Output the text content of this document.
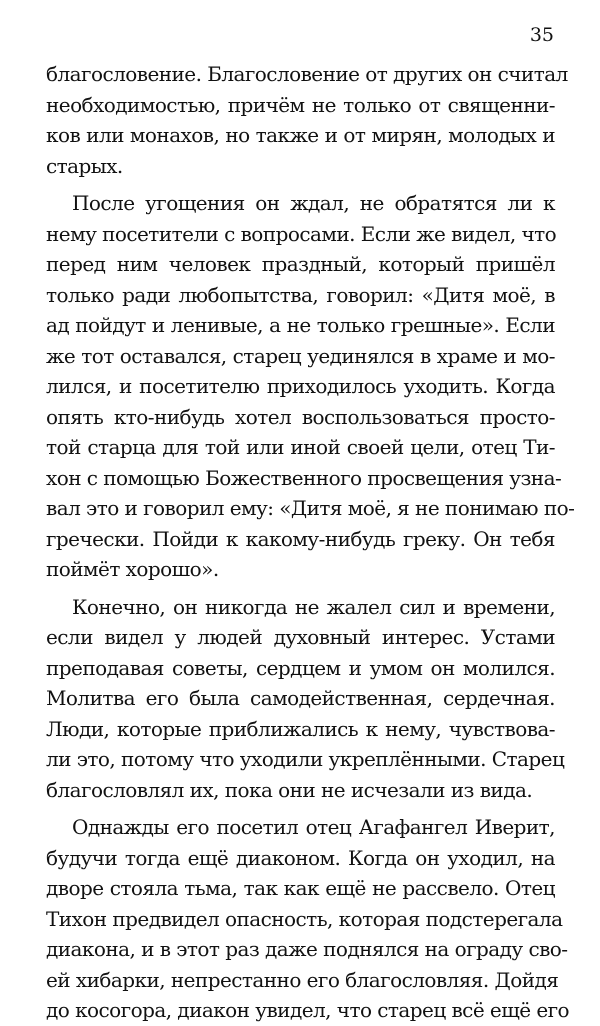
35

благословение. Благословение от других он считал
необходимостью, причём не только от священни-
ков или монахов, но также и от мирян, молодых и
старых.

После угощения он ждал, не обратятся ли к
нему посетители с вопросами. Если же видел, что
перед ним человек праздный, который пришёл
только ради любопытства, говорил: «Дитя моё, в
ад пойдут и ленивые, а не только грешные». Если
же тот оставался, старец уединялся в храме и мо-
лился, и посетителю приходилось уходить. Когда
опять кто-нибудь хотел воспользоваться просто-
той старца для той или иной своей цели, отец Ти-
хон с помощью Божественного просвещения узна-
вал это и говорил ему: «Дитя моё, я не понимаю по-
гречески. Пойди к какому-нибудь греку. Он тебя
поймёт хорошо».

Конечно, он никогда не жалел сил и времени,
если видел у людей духовный интерес. Устами
преподавая советы, сердцем и умом он молился.
Молитва его была самодейственная, сердечная.
Люди, которые приближались к нему, чувствова-
ли это, потому что уходили укреплёнными. Старец
благословлял их, пока они не исчезали из вида.

Однажды его посетил отец Агафангел Иверит,
будучи тогда ещё диаконом. Когда он уходил, на
дворе стояла тьма, так как ещё не рассвело. Отец
Тихон предвидел опасность, которая подстерегала
диакона, и в этот раз даже поднялся на ограду сво-
ей хибарки, непрестанно его благословляя. Дойдя
до косогора, диакон увидел, что старец всё ещё его
